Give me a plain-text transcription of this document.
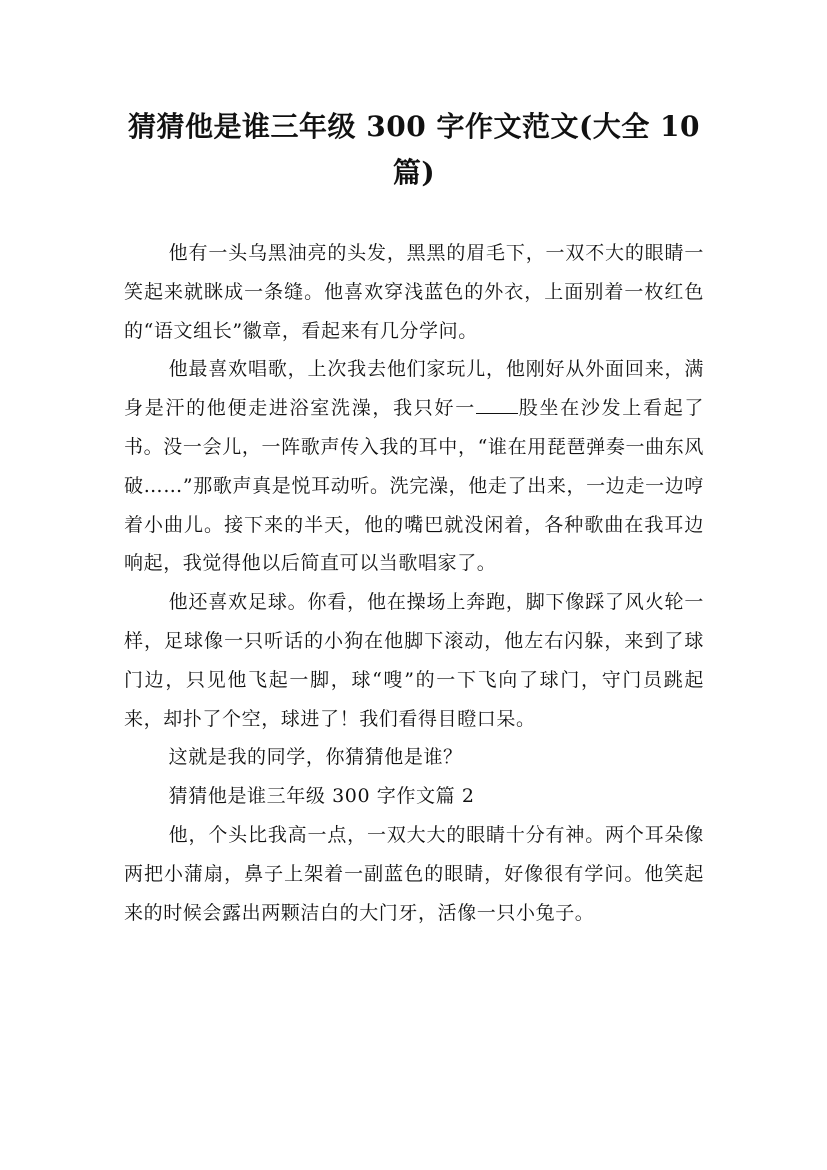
猜猜他是谁三年级 300 字作文范文(大全 10 篇)

他有一头乌黑油亮的头发，黑黑的眉毛下，一双不大的眼睛一笑起来就眯成一条缝。他喜欢穿浅蓝色的外衣，上面别着一枚红色的“语文组长”徽章，看起来有几分学问。

他最喜欢唱歌，上次我去他们家玩儿，他刚好从外面回来，满身是汗的他便走进浴室洗澡，我只好一 股坐在沙发上看起了书。没一会儿，一阵歌声传入我的耳中，“谁在用琵琶弹奏一曲东风破……”那歌声真是悦耳动听。洗完澡，他走了出来，一边走一边哼着小曲儿。接下来的半天，他的嘴巴就没闲着，各种歌曲在我耳边响起，我觉得他以后简直可以当歌唱家了。

他还喜欢足球。你看，他在操场上奔跑，脚下像踩了风火轮一样，足球像一只听话的小狗在他脚下滚动，他左右闪躲，来到了球门边，只见他飞起一脚，球“嗖”的一下飞向了球门，守门员跳起来，却扑了个空，球进了！我们看得目瞪口呆。

这就是我的同学，你猜猜他是谁？

猜猜他是谁三年级 300 字作文篇 2

他，个头比我高一点，一双大大的眼睛十分有神。两个耳朵像两把小蒲扇，鼻子上架着一副蓝色的眼睛，好像很有学问。他笑起来的时候会露出两颗洁白的大门牙，活像一只小兔子。
